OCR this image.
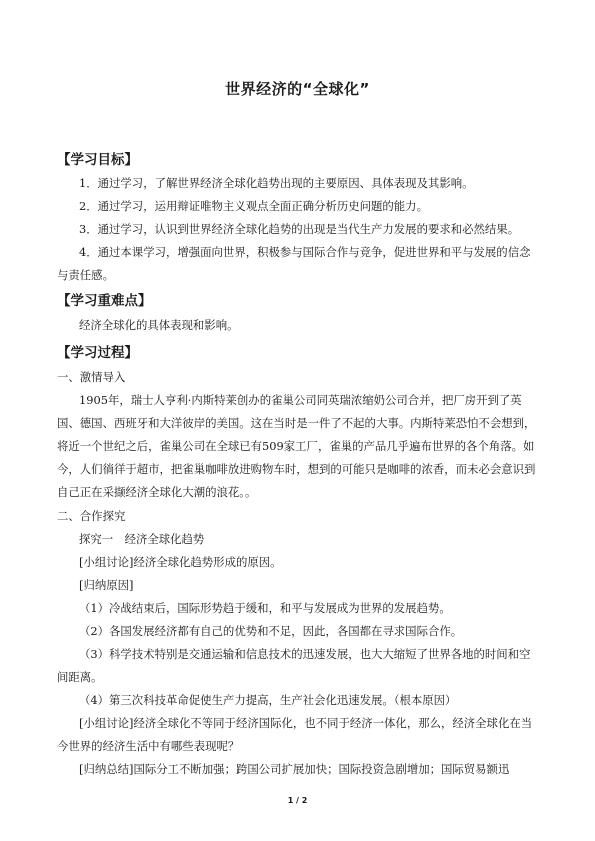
世界经济的“全球化”
【学习目标】
1．通过学习，了解世界经济全球化趋势出现的主要原因、具体表现及其影响。
2．通过学习，运用辩证唯物主义观点全面正确分析历史问题的能力。
3．通过学习，认识到世界经济全球化趋势的出现是当代生产力发展的要求和必然结果。
4．通过本课学习，增强面向世界，积极参与国际合作与竞争，促进世界和平与发展的信念与责任感。
【学习重难点】
经济全球化的具体表现和影响。
【学习过程】
一、激情导入
1905年，瑞士人亨利·内斯特莱创办的雀巢公司同英瑞浓缩奶公司合并，把厂房开到了英国、德国、西班牙和大洋彼岸的美国。这在当时是一件了不起的大事。内斯特莱恐怕不会想到，将近一个世纪之后，雀巢公司在全球已有509家工厂，雀巢的产品几乎遍布世界的各个角落。如今，人们徜徉于超市，把雀巢咖啡放进购物车时，想到的可能只是咖啡的浓香，而未必会意识到自己正在采撷经济全球化大潮的浪花。。
二、合作探究
探究一　经济全球化趋势
[小组讨论]经济全球化趋势形成的原因。
[归纳原因]
（1）冷战结束后，国际形势趋于缓和，和平与发展成为世界的发展趋势。
（2）各国发展经济都有自己的优势和不足，因此，各国都在寻求国际合作。
（3）科学技术特别是交通运输和信息技术的迅速发展，也大大缩短了世界各地的时间和空间距离。
（4）第三次科技革命促使生产力提高，生产社会化迅速发展。（根本原因）
[小组讨论]经济全球化不等同于经济国际化，也不同于经济一体化，那么，经济全球化在当今世界的经济生活中有哪些表现呢？
[归纳总结]国际分工不断加强；跨国公司扩展加快；国际投资急剧增加；国际贸易额迅
1 / 2
